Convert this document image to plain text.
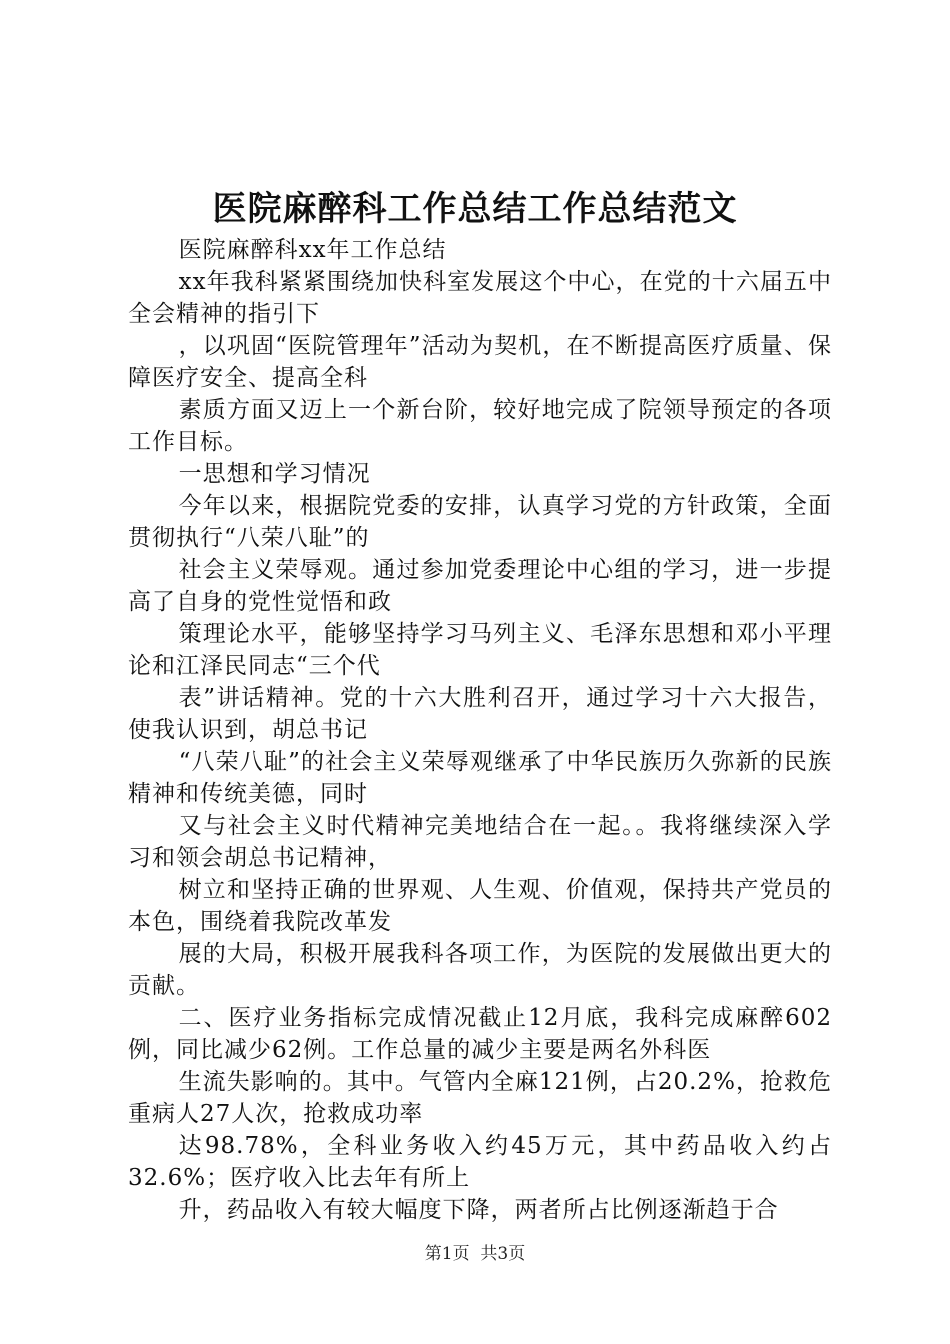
医院麻醉科工作总结工作总结范文

医院麻醉科xx年工作总结

xx年我科紧紧围绕加快科室发展这个中心，在党的十六届五中全会精神的指引下

，以巩固“医院管理年”活动为契机，在不断提高医疗质量、保障医疗安全、提高全科

素质方面又迈上一个新台阶，较好地完成了院领导预定的各项工作目标。

一思想和学习情况

今年以来，根据院党委的安排，认真学习党的方针政策，全面贯彻执行“八荣八耻”的

社会主义荣辱观。通过参加党委理论中心组的学习，进一步提高了自身的党性觉悟和政

策理论水平，能够坚持学习马列主义、毛泽东思想和邓小平理论和江泽民同志“三个代

表”讲话精神。党的十六大胜利召开，通过学习十六大报告，使我认识到，胡总书记

“八荣八耻”的社会主义荣辱观继承了中华民族历久弥新的民族精神和传统美德，同时

又与社会主义时代精神完美地结合在一起。。我将继续深入学习和领会胡总书记精神，

树立和坚持正确的世界观、人生观、价值观，保持共产党员的本色，围绕着我院改革发

展的大局，积极开展我科各项工作，为医院的发展做出更大的贡献。

二、医疗业务指标完成情况截止12月底，我科完成麻醉602例，同比减少62例。工作总量的减少主要是两名外科医

生流失影响的。其中。气管内全麻121例，占20.2%，抢救危重病人27人次，抢救成功率

达98.78%，全科业务收入约45万元，其中药品收入约占32.6%；医疗收入比去年有所上

升，药品收入有较大幅度下降，两者所占比例逐渐趋于合

第1页 共3页
